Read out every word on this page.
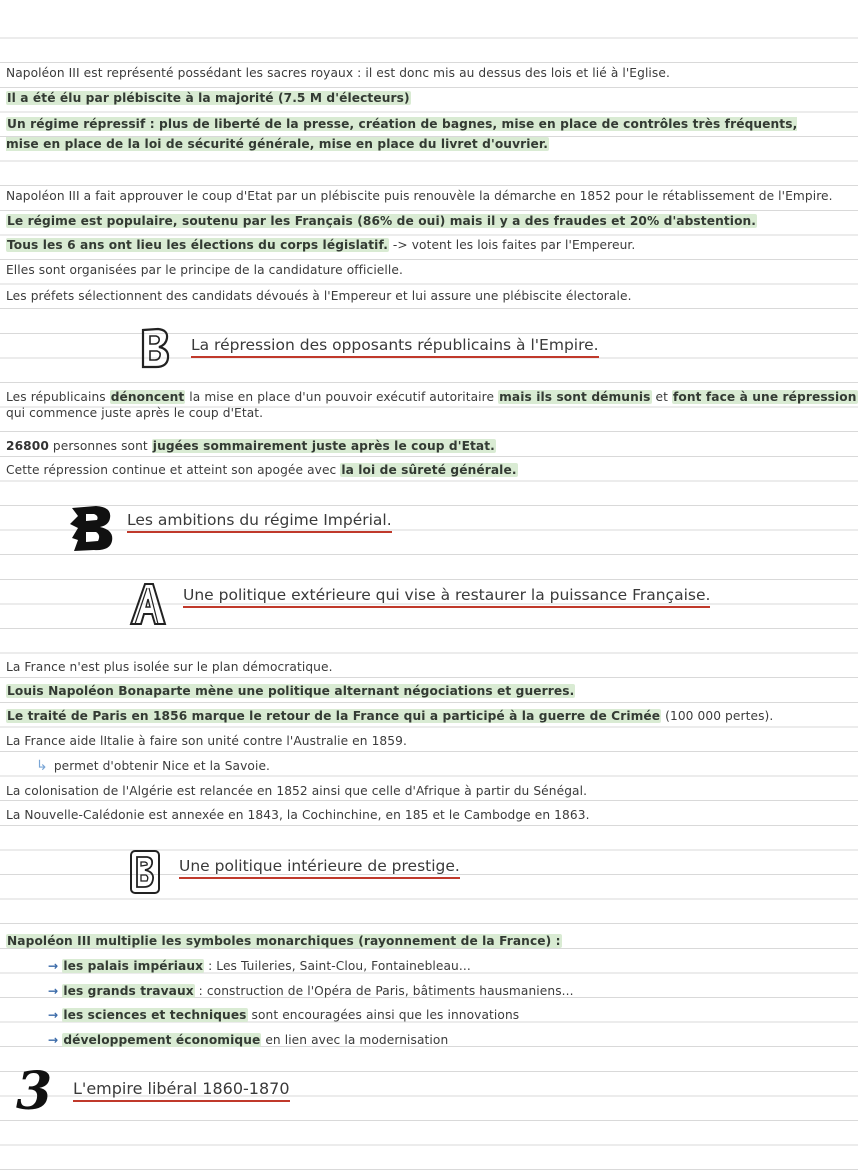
Napoléon III est représenté possédant les sacres royaux : il est donc mis au dessus des lois et lié à l'Eglise.
Il a été élu par plébiscite à la majorité (7.5 M d'électeurs)
Un régime répressif : plus de liberté de la presse, création de bagnes, mise en place de contrôles très fréquents, mise en place de la loi de sécurité générale, mise en place du livret d'ouvrier.
Napoléon III a fait approuver le coup d'Etat par un plébiscite puis renouvèle la démarche en 1852 pour le rétablissement de l'Empire.
Le régime est populaire, soutenu par les Français (86% de oui) mais il y a des fraudes et 20% d'abstention.
Tous les 6 ans ont lieu les élections du corps législatif. -> votent les lois faites par l'Empereur.
Elles sont organisées par le principe de la candidature officielle.
Les préfets sélectionnent des candidats dévoués à l'Empereur et lui assure une plébiscite électorale.
La répression des opposants républicains à l'Empire.
Les républicains dénoncent la mise en place d'un pouvoir exécutif autoritaire mais ils sont démunis et font face à une répression
qui commence juste après le coup d'Etat.
26800 personnes sont jugées sommairement juste après le coup d'Etat.
Cette répression continue et atteint son apogée avec la loi de sûreté générale.
Les ambitions du régime Impérial.
Une politique extérieure qui vise à restaurer la puissance Française.
La France n'est plus isolée sur le plan démocratique.
Louis Napoléon Bonaparte mène une politique alternant négociations et guerres.
Le traité de Paris en 1856 marque le retour de la France qui a participé à la guerre de Crimée (100 000 pertes).
La France aide lItalie à faire son unité contre l'Australie en 1859.
↳ permet d'obtenir Nice et la Savoie.
La colonisation de l'Algérie est relancée en 1852 ainsi que celle d'Afrique à partir du Sénégal.
La Nouvelle-Calédonie est annexée en 1843, la Cochinchine, en 185 et le Cambodge en 1863.
Une politique intérieure de prestige.
Napoléon III multiplie les symboles monarchiques (rayonnement de la France) :
→ les palais impériaux : Les Tuileries, Saint-Clou, Fontainebleau...
→ les grands travaux : construction de l'Opéra de Paris, bâtiments hausmaniens...
→ les sciences et techniques sont encouragées ainsi que les innovations
→ développement économique en lien avec la modernisation
3 L'empire libéral 1860-1870
